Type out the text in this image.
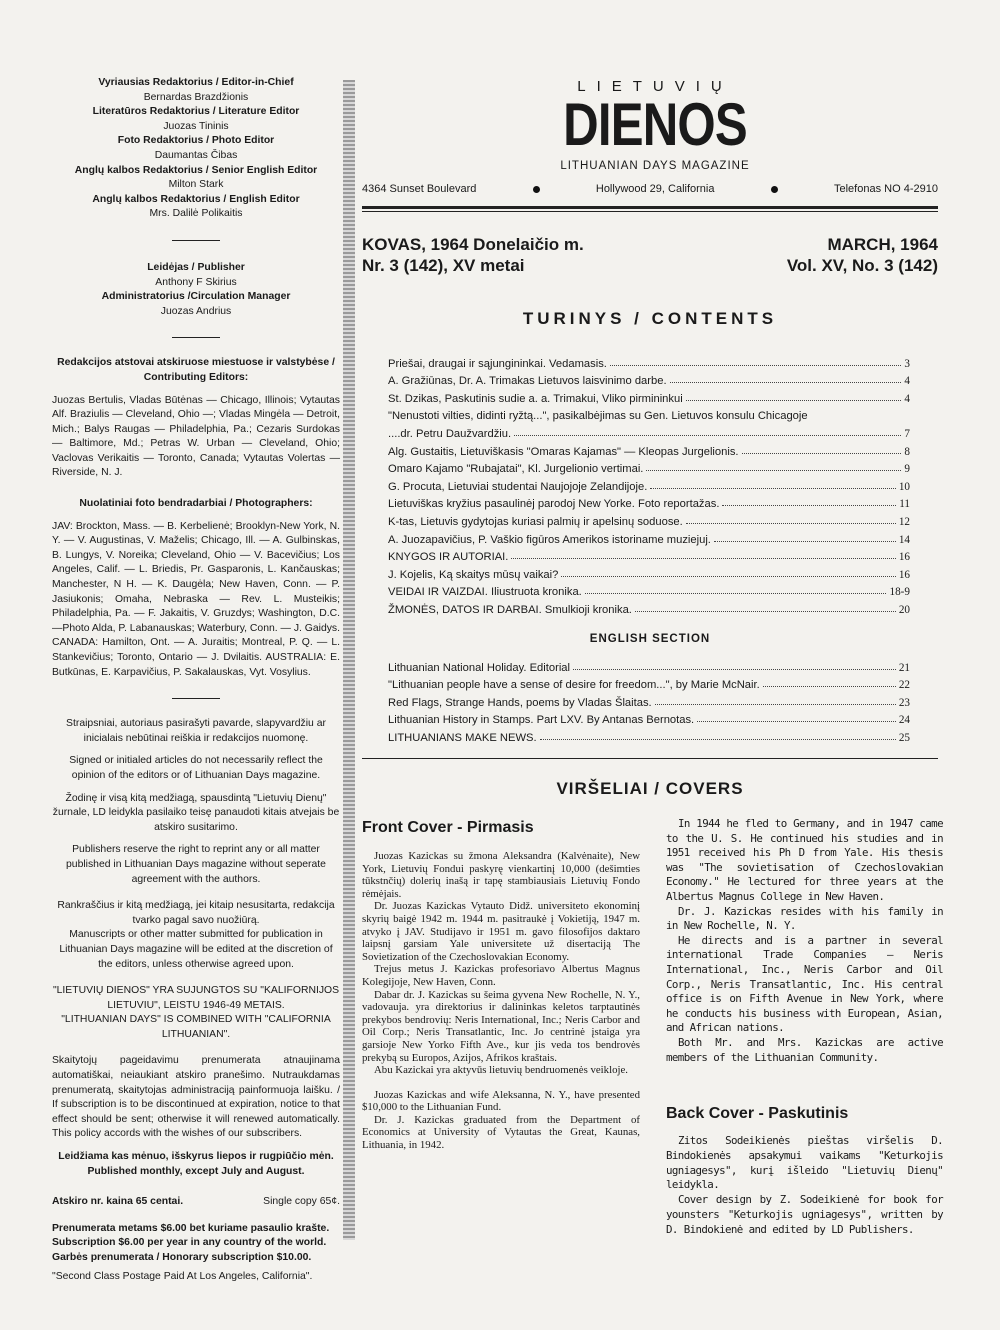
Vyriausias Redaktorius / Editor-in-Chief
Bernardas Brazdžionis
Literatūros Redaktorius / Literature Editor
Juozas Tininis
Foto Redaktorius / Photo Editor
Daumantas Čibas
Anglų kalbos Redaktorius / Senior English Editor
Milton Stark
Anglų kalbos Redaktorius / English Editor
Mrs. Dalilė Polikaitis
Leidėjas / Publisher
Anthony F Skirius
Administratorius /Circulation Manager
Juozas Andrius
Redakcijos atstovai atskiruose miestuose ir valstybėse / Contributing Editors:
Juozas Bertulis, Vladas Būtėnas — Chicago, Illinois; Vytautas Alf. Braziulis — Cleveland, Ohio —; Vladas Mingėla — Detroit, Mich.; Balys Raugas — Philadelphia, Pa.; Cezaris Surdokas — Baltimore, Md.; Petras W. Urban — Cleveland, Ohio; Vaclovas Verikaitis — Toronto, Canada; Vytautas Volertas — Riverside, N. J.
Nuolatiniai foto bendradarbiai / Photographers:
JAV: Brockton, Mass. — B. Kerbelienė; Brooklyn-New York, N. Y. — V. Augustinas, V. Maželis; Chicago, Ill. — A. Gulbinskas, B. Lungys, V. Noreika; Cleveland, Ohio — V. Bacevičius; Los Angeles, Calif. — L. Briedis, Pr. Gasparonis, L. Kančauskas; Manchester, N H. — K. Daugėla; New Haven, Conn. — P. Jasiukonis; Omaha, Nebraska — Rev. L. Musteikis; Philadelphia, Pa. — F. Jakaitis, V. Gruzdys; Washington, D.C. —Photo Alda, P. Labanauskas; Waterbury, Conn. — J. Gaidys. CANADA: Hamilton, Ont. — A. Juraitis; Montreal, P. Q. — L. Stankevičius; Toronto, Ontario — J. Dvilaitis. AUSTRALIA: E. Butkūnas, E. Karpavičius, P. Sakalauskas, Vyt. Vosylius.
Straipsniai, autoriaus pasirašyti pavarde, slapyvardžiu ar inicialais nebūtinai reiškia ir redakcijos nuomonę.
Signed or initialed articles do not necessarily reflect the opinion of the editors or of Lithuanian Days magazine.
Žodinę ir visą kitą medžiagą, spausdintą "Lietuvių Dienų" žurnale, LD leidykla pasilaiko teisę panaudoti kitais atvejais be atskiro susitarimo.
Publishers reserve the right to reprint any or all matter published in Lithuanian Days magazine without seperate agreement with the authors.
Rankraščius ir kitą medžiagą, jei kitaip nesusitarta, redakcija tvarko pagal savo nuožiūrą.
Manuscripts or other matter submitted for publication in Lithuanian Days magazine will be edited at the discretion of the editors, unless otherwise agreed upon.
"LIETUVIŲ DIENOS" YRA SUJUNGTOS SU "KALIFORNIJOS LIETUVIU", LEISTU 1946-49 METAIS.
"LITHUANIAN DAYS" IS COMBINED WITH "CALIFORNIA LITHUANIAN".
Skaitytojų pageidavimu prenumerata atnaujinama automatiškai, neiaukiant atskiro pranešimo. Nutraukdamas prenumeratą, skaitytojas administraciją painformuoja laišku. / If subscription is to be discontinued at expiration, notice to that effect should be sent; otherwise it will renewed automatically. This policy accords with the wishes of our subscribers.
Leidžiama kas mėnuo, išskyrus liepos ir rugpiūčio mėn. Published monthly, except July and August.
Atskiro nr. kaina 65 centai.	Single copy 65¢.
Prenumerata metams $6.00 bet kuriame pasaulio krašte.
Subscription $6.00 per year in any country of the world.
Garbės prenumerata / Honorary subscription $10.00.
"Second Class Postage Paid At Los Angeles, California".
LIETUVIŲ
DIENOS
LITHUANIAN DAYS MAGAZINE
4364 Sunset Boulevard	Hollywood 29, California	Telefonas NO 4-2910
KOVAS, 1964 Donelaičio m.
Nr. 3 (142), XV metai
MARCH, 1964
Vol. XV, No. 3 (142)
TURINYS / CONTENTS
Priešai, draugai ir sąjungininkai. Vedamasis.	3
A. Gražiūnas, Dr. A. Trimakas Lietuvos laisvinimo darbe.	4
St. Dzikas, Paskutinis sudie a. a. Trimakui, Vliko pirmininkui	4
"Nenustoti vilties, didinti ryžtą...", pasikalbėjimas su Gen. Lietuvos konsulu Chicagoje
....dr. Petru Daužvardžiu.	7
Alg. Gustaitis, Lietuviškasis "Omaras Kajamas" — Kleopas Jurgelionis.	8
Omaro Kajamo "Rubajatai", Kl. Jurgelionio vertimai.	9
G. Procuta, Lietuviai studentai Naujojoje Zelandijoje.	10
Lietuviškas kryžius pasaulinėj parodoj New Yorke. Foto reportažas.	11
K-tas, Lietuvis gydytojas kuriasi palmių ir apelsinų soduose.	12
A. Juozapavičius, P. Vaškio figūros Amerikos istoriname muziejuj.	14
KNYGOS IR AUTORIAI.	16
J. Kojelis, Ką skaitys mūsų vaikai?	16
VEIDAI IR VAIZDAI. Iliustruota kronika.	18-9
ŽMONĖS, DATOS IR DARBAI. Smulkioji kronika.	20
ENGLISH SECTION
Lithuanian National Holiday. Editorial	21
"Lithuanian people have a sense of desire for freedom...", by Marie McNair.	22
Red Flags, Strange Hands, poems by Vladas Šlaitas.	23
Lithuanian History in Stamps. Part LXV. By Antanas Bernotas.	24
LITHUANIANS MAKE NEWS.	25
VIRŠELIAI / COVERS
Front Cover - Pirmasis

Juozas Kazickas su žmona Aleksandra (Kalvėnaite), New York, Lietuvių Fondui paskyrę vienkartinį 10,000 (dešimties tūkstnčių) dolerių inašą ir tapę stambiausiais Lietuvių Fondo rėmėjais.

Dr. Juozas Kazickas Vytauto Didž. universiteto ekonominį skyrių baigė 1942 m. 1944 m. pasitraukė į Vokietiją, 1947 m. atvyko į JAV. Studijavo ir 1951 m. gavo filosofijos daktaro laipsnį garsiam Yale universitete už disertaciją The Sovietization of the Czechoslovakian Economy.

Trejus metus J. Kazickas profesoriavo Albertus Magnus Kolegijoje, New Haven, Conn.

Dabar dr. J. Kazickas su šeima gyvena New Rochelle, N. Y., vadovauja. yra direktorius ir dalininkas keletos tarptautinės prekybos bendrovių: Neris International, Inc.; Neris Carbor and Oil Corp.; Neris Transatlantic, Inc. Jo centrinė įstaiga yra garsioje New Yorko Fifth Ave., kur jis veda tos bendrovės prekybą su Europos, Azijos, Afrikos kraštais.

Abu Kazickai yra aktyvūs lietuvių bendruomenės veikloje.

Juozas Kazickas and wife Aleksanna, N. Y., have presented $10,000 to the Lithuanian Fund.

Dr. J. Kazickas graduated from the Department of Economics at University of Vytautas the Great, Kaunas, Lithuania, in 1942.

In 1944 he fled to Germany, and in 1947 came to the U. S. He continued his studies and in 1951 received his Ph D from Yale. His thesis was "The sovietisation of Czechoslovakian Economy." He lectured for three years at the Albertus Magnus College in New Haven.

Dr. J. Kazickas resides with his family in in New Rochelle, N. Y.

He directs and is a partner in several international Trade Companies — Neris International, Inc., Neris Carbor and Oil Corp., Neris Transatlantic, Inc. His central office is on Fifth Avenue in New York, where he conducts his business with European, Asian, and African nations.

Both Mr. and Mrs. Kazickas are active members of the Lithuanian Community.

Back Cover - Paskutinis

Zitos Sodeikienės pieštas viršelis D. Bindokienės apsakymui vaikams "Keturkojis ugniagesys", kurį išleido "Lietuvių Dienų" leidykla.

Cover design by Z. Sodeikienė for book for younsters "Keturkojis ugniagesys", written by D. Bindokienė and edited by LD Publishers.
